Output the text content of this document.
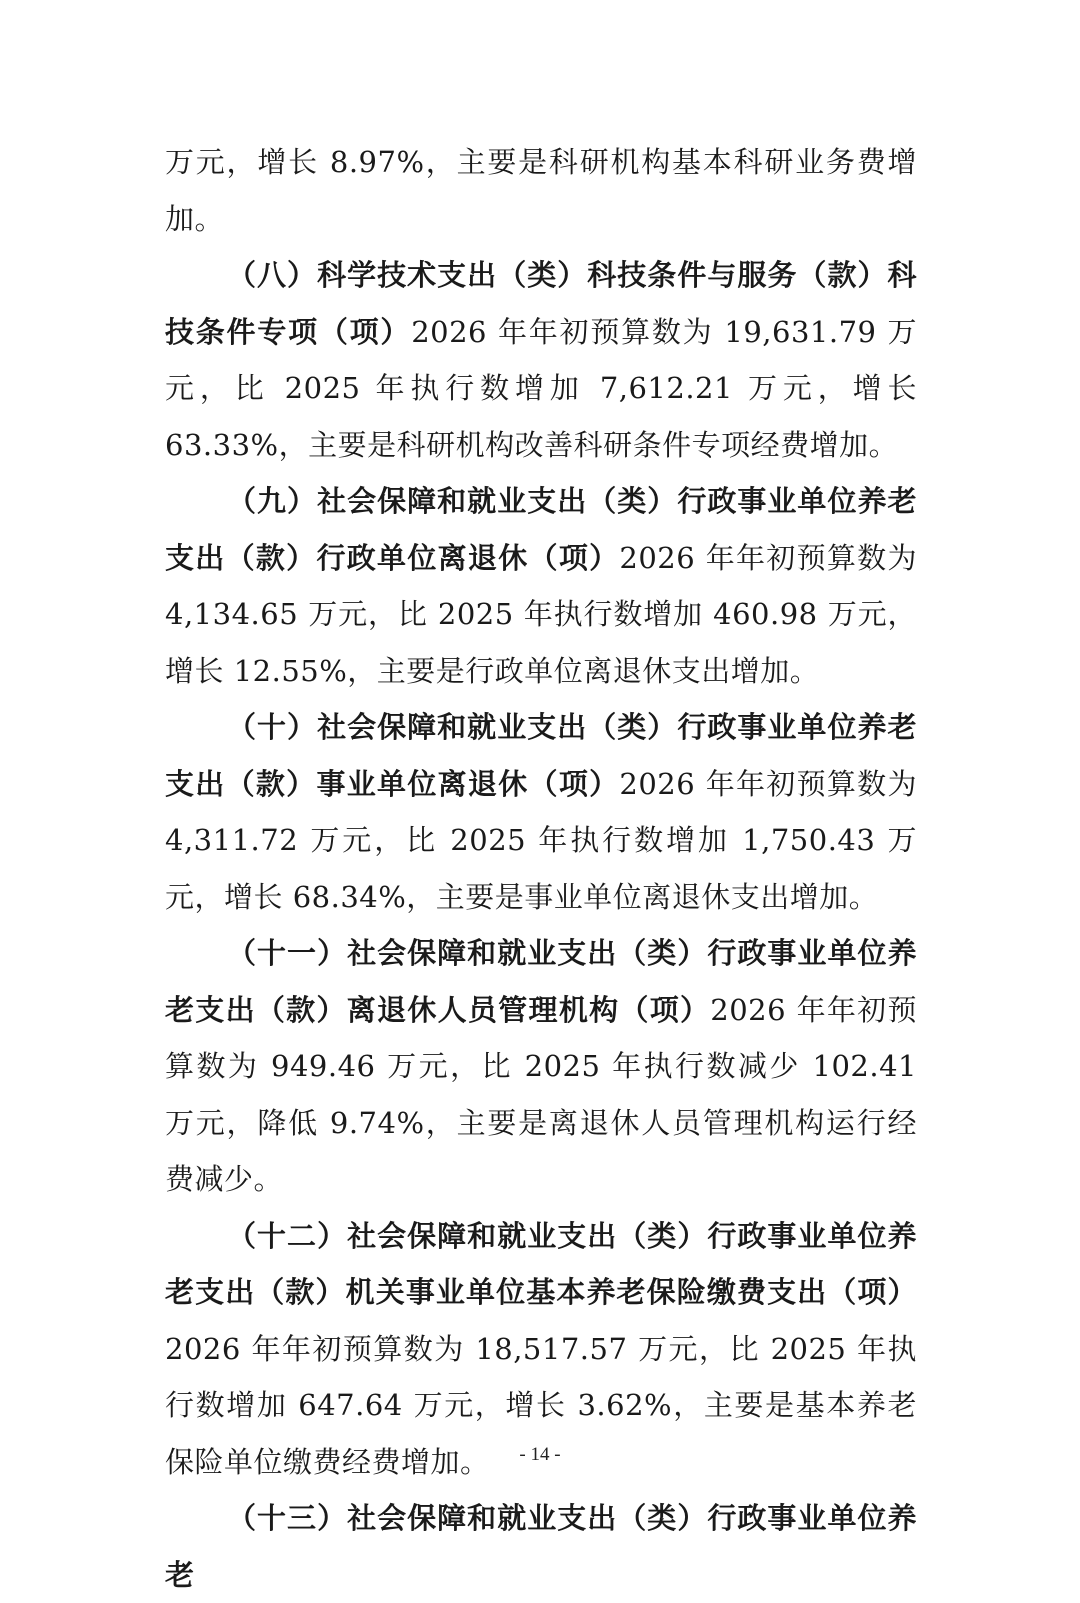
万元，增长 8.97%，主要是科研机构基本科研业务费增加。

（八）科学技术支出（类）科技条件与服务（款）科技条件专项（项）2026 年年初预算数为 19,631.79 万元，比 2025 年执行数增加 7,612.21 万元，增长 63.33%，主要是科研机构改善科研条件专项经费增加。

（九）社会保障和就业支出（类）行政事业单位养老支出（款）行政单位离退休（项）2026 年年初预算数为 4,134.65 万元，比 2025 年执行数增加 460.98 万元，增长 12.55%，主要是行政单位离退休支出增加。

（十）社会保障和就业支出（类）行政事业单位养老支出（款）事业单位离退休（项）2026 年年初预算数为 4,311.72 万元，比 2025 年执行数增加 1,750.43 万元，增长 68.34%，主要是事业单位离退休支出增加。

（十一）社会保障和就业支出（类）行政事业单位养老支出（款）离退休人员管理机构（项）2026 年年初预算数为 949.46 万元，比 2025 年执行数减少 102.41 万元，降低 9.74%，主要是离退休人员管理机构运行经费减少。

（十二）社会保障和就业支出（类）行政事业单位养老支出（款）机关事业单位基本养老保险缴费支出（项）2026 年年初预算数为 18,517.57 万元，比 2025 年执行数增加 647.64 万元，增长 3.62%，主要是基本养老保险单位缴费经费增加。

（十三）社会保障和就业支出（类）行政事业单位养老

- 14 -
